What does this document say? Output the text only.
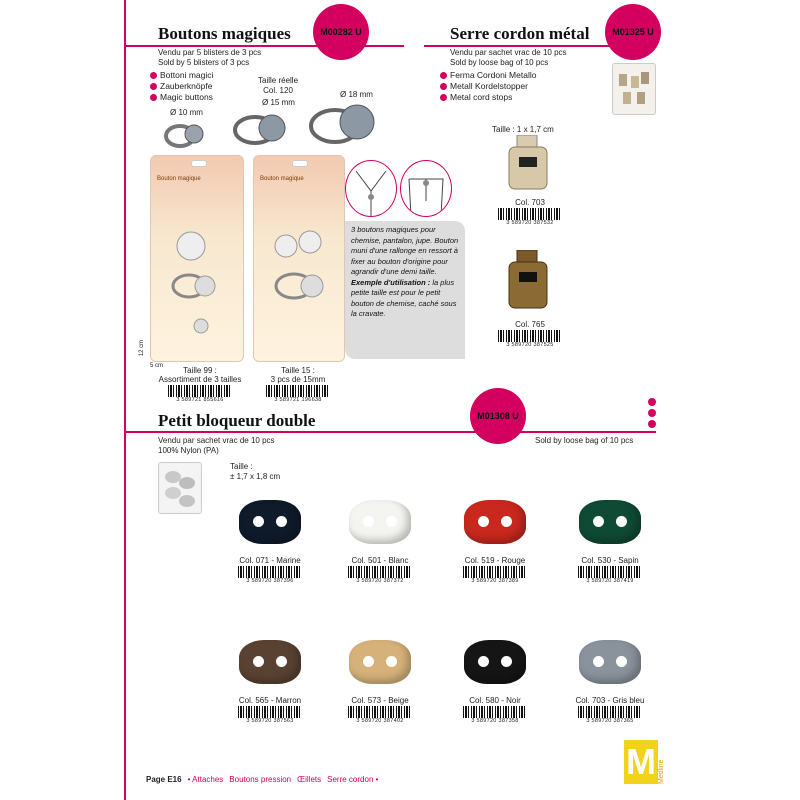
Boutons magiques	M00282 U
Vendu par 5 blisters de 3 pcs
Sold by 5 blisters of 3 pcs
Bottoni magici
Zauberknöpfe
Magic buttons
Taille réelle
Col. 120
Ø 10 mm
Ø 15 mm
Ø 18 mm
Bouton magique	Bouton magique
12 cm
5 cm	Taille 99 :
Assortiment de 3 tailles
3 589721 855616
Taille 15 :
3 pcs de 15mm
3 589721 196638
3 boutons magiques pour chemise, pantalon, jupe. Bouton muni d'une rallonge en ressort à fixer au bouton d'origine pour agrandir d'une demi taille. Exemple d'utilisation : la plus petite taille est pour le petit bouton de chemise, caché sous la cravate.
Serre cordon métal	M01325 U
Vendu par sachet vrac de 10 pcs
Sold by loose bag of 10 pcs
Ferma Cordoni Metallo
Metall Kordelstopper
Metal cord stops
Taille : 1 x 1,7 cm
Col. 703
3 589720 387532
Col. 765
3 589720 387525
Petit bloqueur double	M01308 U
Vendu par sachet vrac de 10 pcs
100% Nylon (PA)
Sold by loose bag of 10 pcs
Taille :
± 1,7 x 1,8 cm
Col. 071 - Marine
3 589720 387396
Col. 501 - Blanc
3 589720 387372
Col. 519 - Rouge
3 589720 387389
Col. 530 - Sapin
3 589720 387419
Col. 565 - Marron
3 589720 387563
Col. 573 - Beige
3 589720 387402
Col. 580 - Noir
3 589720 387358
Col. 703 - Gris bleu
3 589720 387365
Page E16 • Attaches Boutons pression Œillets Serre cordon •	M Medline
